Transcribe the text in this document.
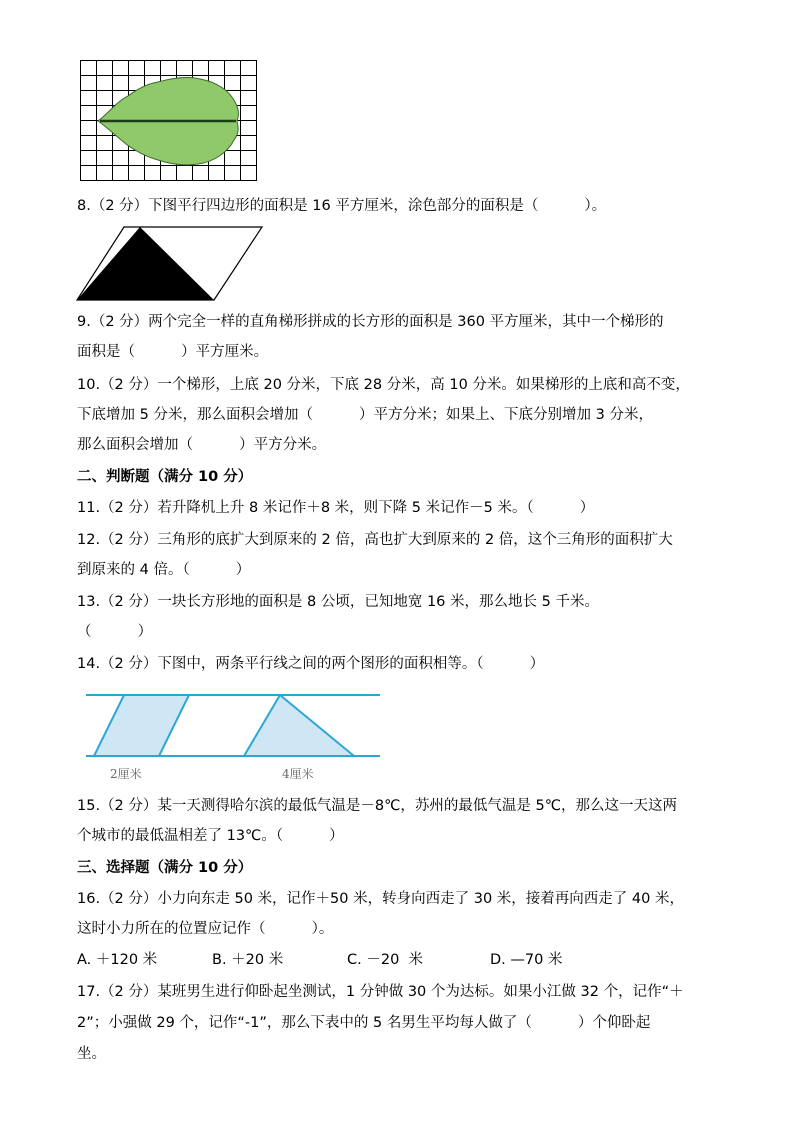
8.（2 分）下图平行四边形的面积是 16 平方厘米，涂色部分的面积是（          ）。
9.（2 分）两个完全一样的直角梯形拼成的长方形的面积是 360 平方厘米，其中一个梯形的
面积是（          ）平方厘米。
10.（2 分）一个梯形，上底 20 分米，下底 28 分米，高 10 分米。如果梯形的上底和高不变，
下底增加 5 分米，那么面积会增加（          ）平方分米；如果上、下底分别增加 3 分米，
那么面积会增加（          ）平方分米。
二、判断题（满分 10 分）
11.（2 分）若升降机上升 8 米记作＋8 米，则下降 5 米记作－5 米。（          ）
12.（2 分）三角形的底扩大到原来的 2 倍，高也扩大到原来的 2 倍，这个三角形的面积扩大
到原来的 4 倍。（          ）
13.（2 分）一块长方形地的面积是 8 公顷，已知地宽 16 米，那么地长 5 千米。
（          ）
14.（2 分）下图中，两条平行线之间的两个图形的面积相等。（          ）
2厘米	4厘米
15.（2 分）某一天测得哈尔滨的最低气温是－8℃，苏州的最低气温是 5℃，那么这一天这两
个城市的最低温相差了 13℃。（          ）
三、选择题（满分 10 分）
16.（2 分）小力向东走 50 米，记作＋50 米，转身向西走了 30 米，接着再向西走了 40 米，
这时小力所在的位置应记作（          ）。
A. ＋120 米	B. ＋20 米	C. －20  米	D. —70 米
17.（2 分）某班男生进行仰卧起坐测试，1 分钟做 30 个为达标。如果小江做 32 个，记作“＋
2”；小强做 29 个，记作“-1”，那么下表中的 5 名男生平均每人做了（          ）个仰卧起
坐。
